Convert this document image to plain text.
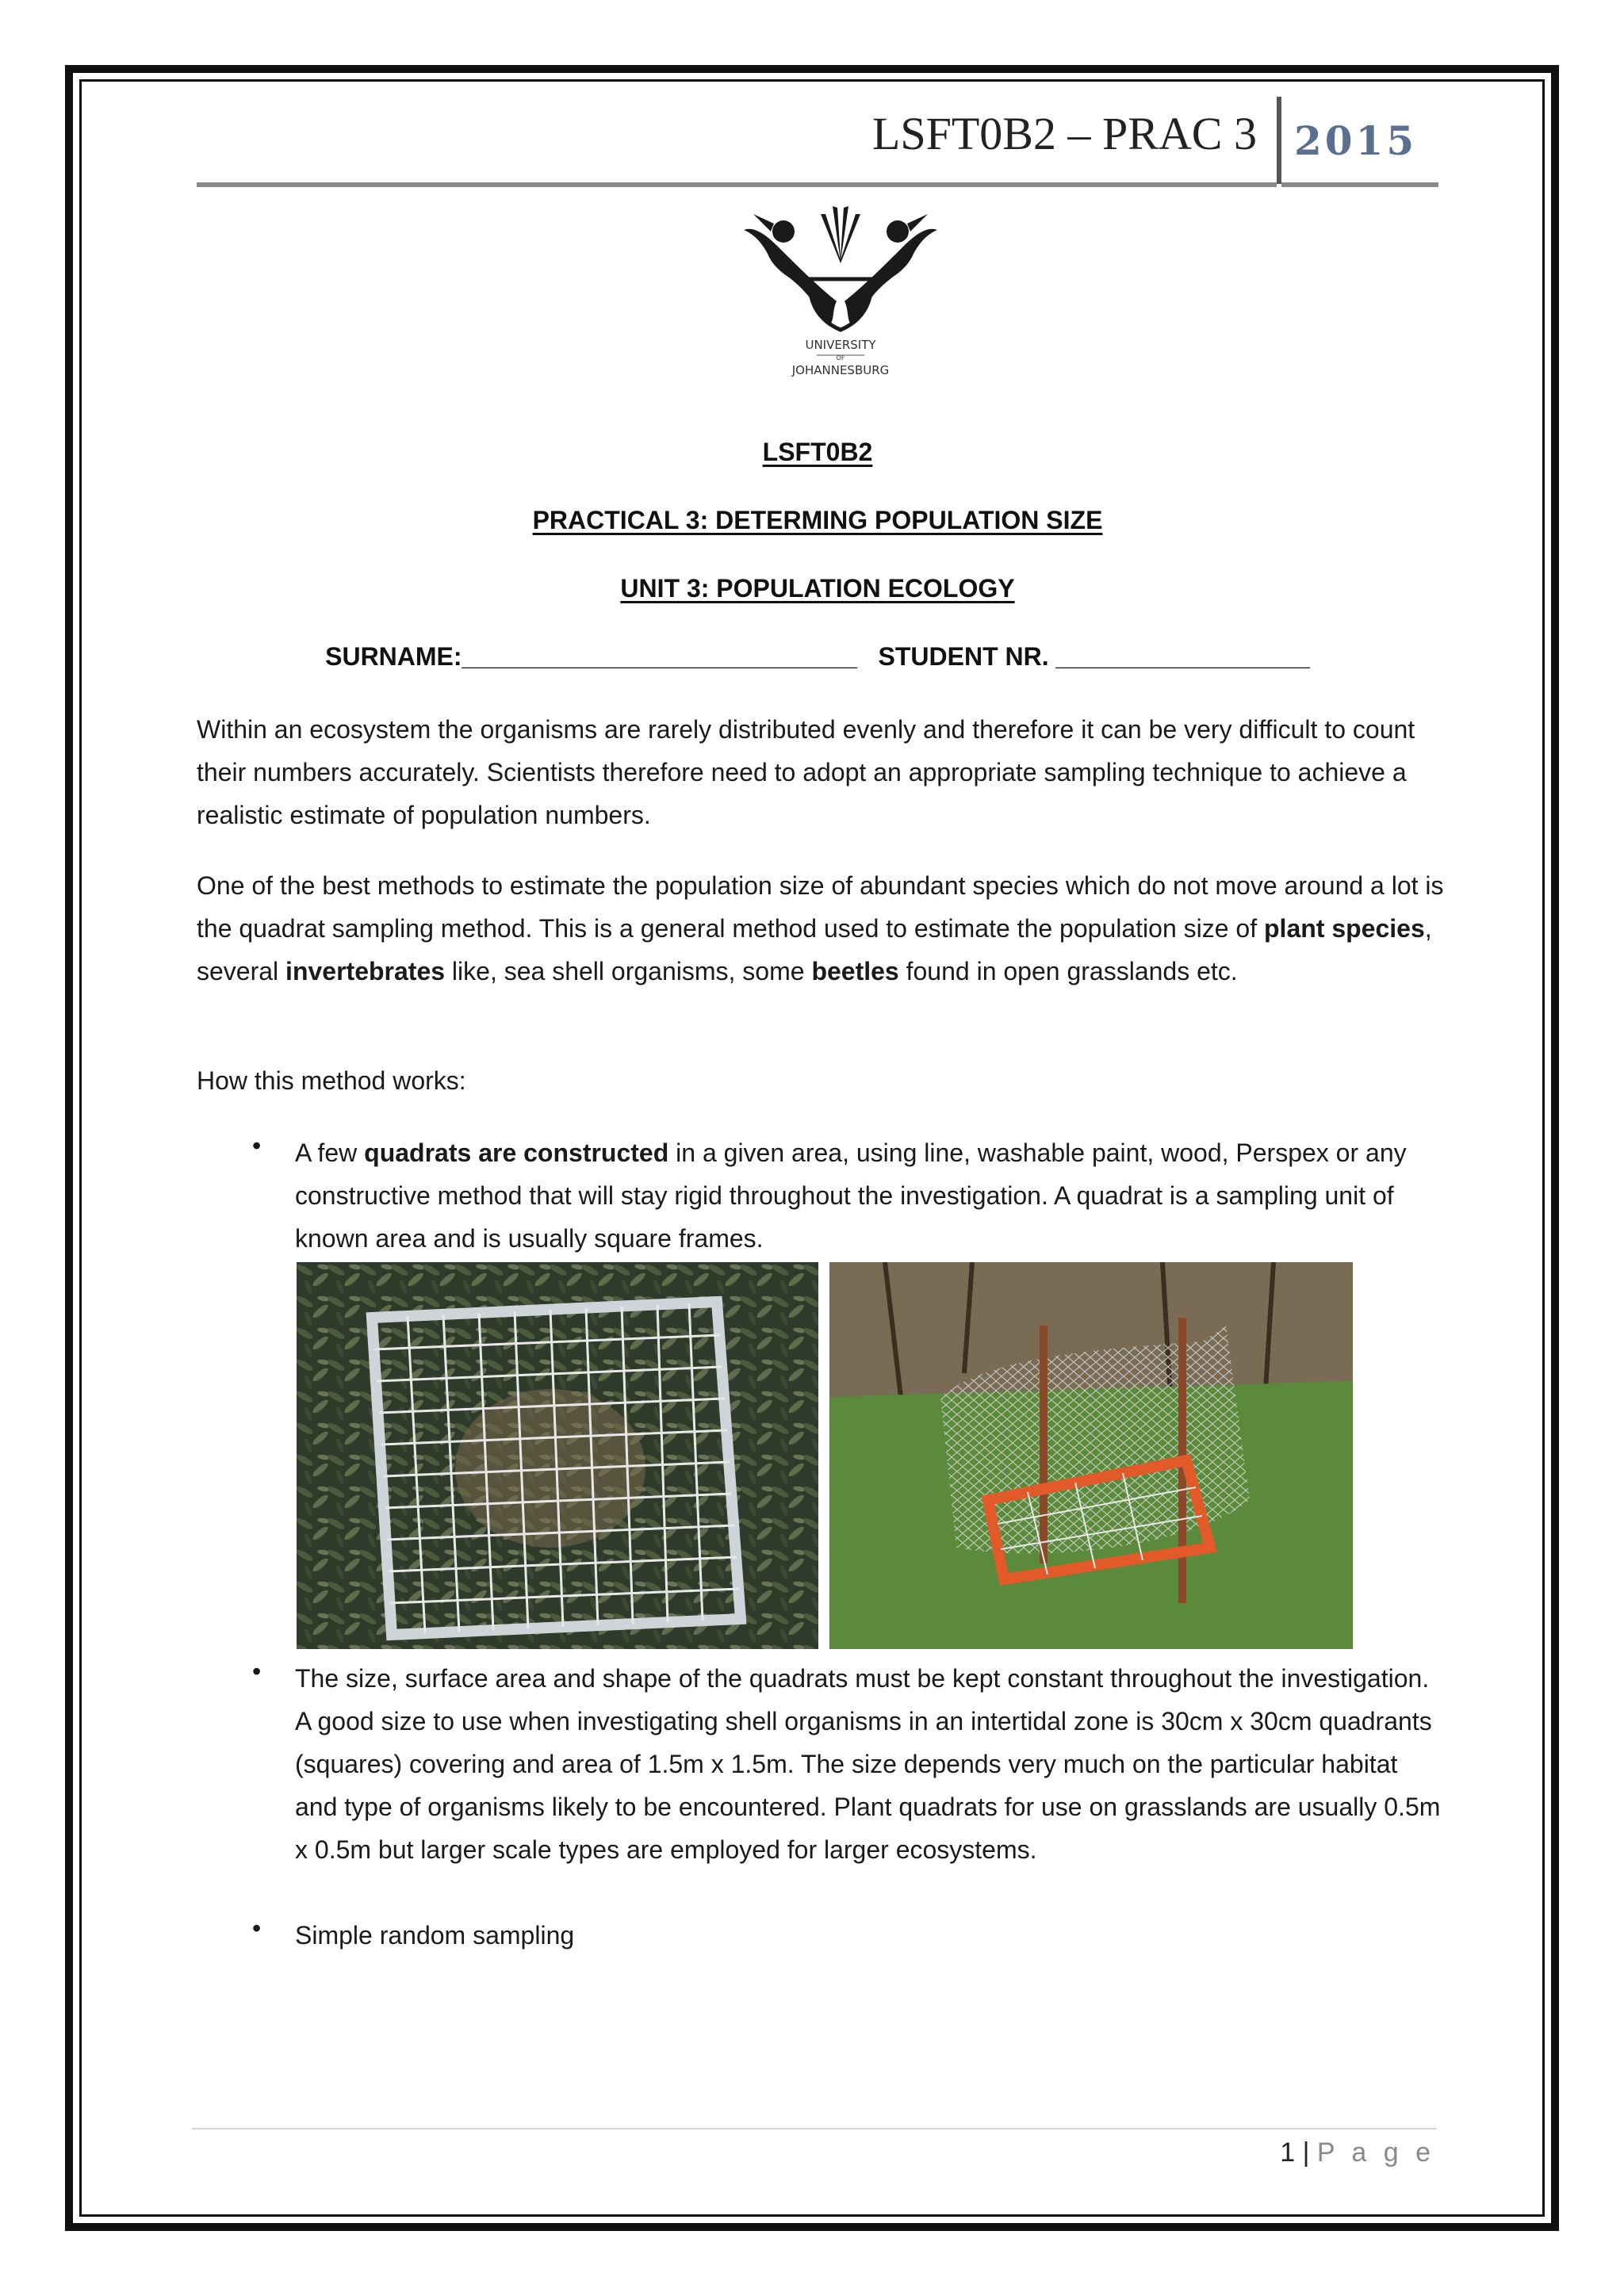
LSFT0B2 – PRAC 3 2015
UNIVERSITY
OF
JOHANNESBURG
LSFT0B2
PRACTICAL 3: DETERMING POPULATION SIZE
UNIT 3: POPULATION ECOLOGY
SURNAME:____________________________   STUDENT NR. __________________
Within an ecosystem the organisms are rarely distributed evenly and therefore it can be very difficult to count their numbers accurately. Scientists therefore need to adopt an appropriate sampling technique to achieve a realistic estimate of population numbers.
One of the best methods to estimate the population size of abundant species which do not move around a lot is the quadrat sampling method. This is a general method used to estimate the population size of plant species, several invertebrates like, sea shell organisms, some beetles found in open grasslands etc.
How this method works:
• A few quadrats are constructed in a given area, using line, washable paint, wood, Perspex or any constructive method that will stay rigid throughout the investigation. A quadrat is a sampling unit of known area and is usually square frames.
• The size, surface area and shape of the quadrats must be kept constant throughout the investigation. A good size to use when investigating shell organisms in an intertidal zone is 30cm x 30cm quadrants (squares) covering and area of 1.5m x 1.5m. The size depends very much on the particular habitat and type of organisms likely to be encountered. Plant quadrats for use on grasslands are usually 0.5m x 0.5m but larger scale types are employed for larger ecosystems.
• Simple random sampling
1 | P a g e
